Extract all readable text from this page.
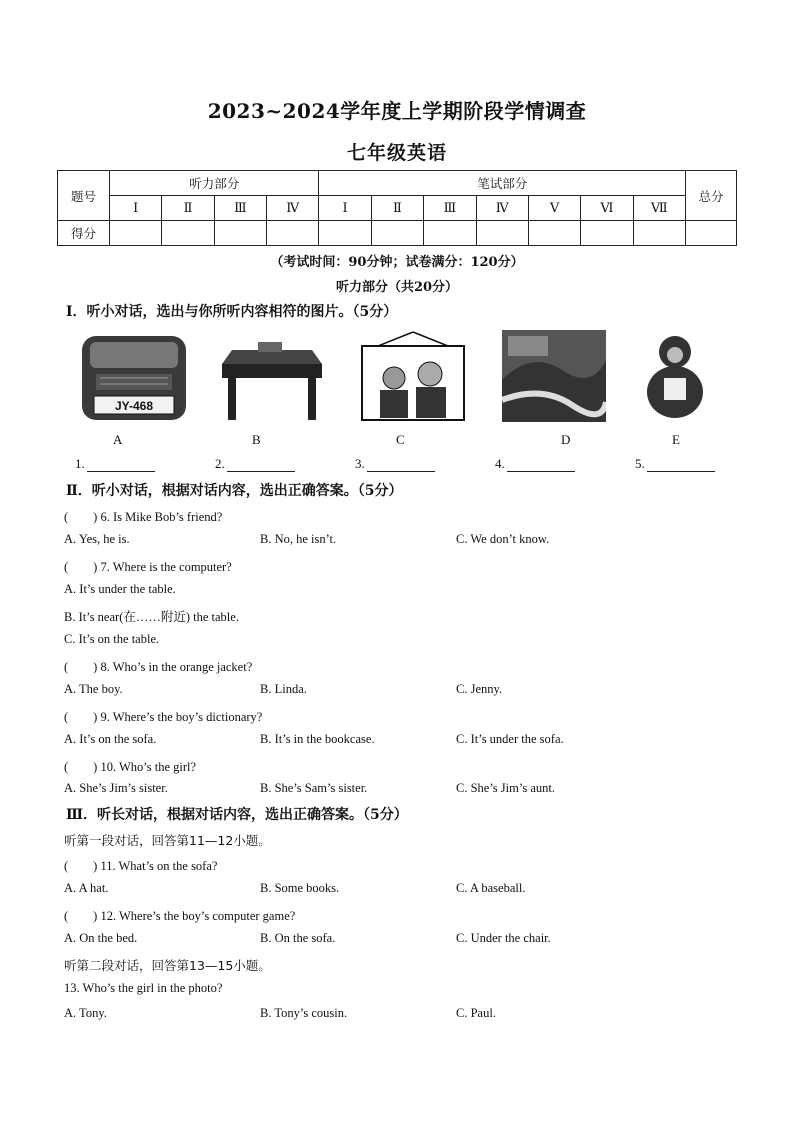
2023~2024学年度上学期阶段学情调查
七年级英语
题号	听力部分				笔试部分							总分
	Ⅰ	Ⅱ	Ⅲ	Ⅳ	Ⅰ	Ⅱ	Ⅲ	Ⅳ	Ⅴ	Ⅵ	Ⅶ	
得分												
（考试时间：90分钟；试卷满分：120分）
听力部分（共20分）
Ⅰ．听小对话，选出与你所听内容相符的图片。（5分）
JY-468
A	B	C	D	E
1.	2.	3.	4.	5.
Ⅱ．听小对话，根据对话内容，选出正确答案。（5分）
(　　) 6. Is Mike Bob’s friend?
A. Yes, he is.	B. No, he isn’t.	C. We don’t know.
(　　) 7. Where is the computer?
A. It’s under the table.
B. It’s near(在……附近) the table.
C. It’s on the table.
(　　) 8. Who’s in the orange jacket?
A. The boy.	B. Linda.	C. Jenny.
(　　) 9. Where’s the boy’s dictionary?
A. It’s on the sofa.	B. It’s in the bookcase.	C. It’s under the sofa.
(　　) 10. Who’s the girl?
A. She’s Jim’s sister.	B. She’s Sam’s sister.	C. She’s Jim’s aunt.
Ⅲ．听长对话，根据对话内容，选出正确答案。（5分）
听第一段对话，回答第11—12小题。
(　　) 11. What’s on the sofa?
A. A hat.	B. Some books.	C. A baseball.
(　　) 12. Where’s the boy’s computer game?
A. On the bed.	B. On the sofa.	C. Under the chair.
听第二段对话，回答第13—15小题。
13. Who’s the girl in the photo?
A. Tony.	B. Tony’s cousin.	C. Paul.
